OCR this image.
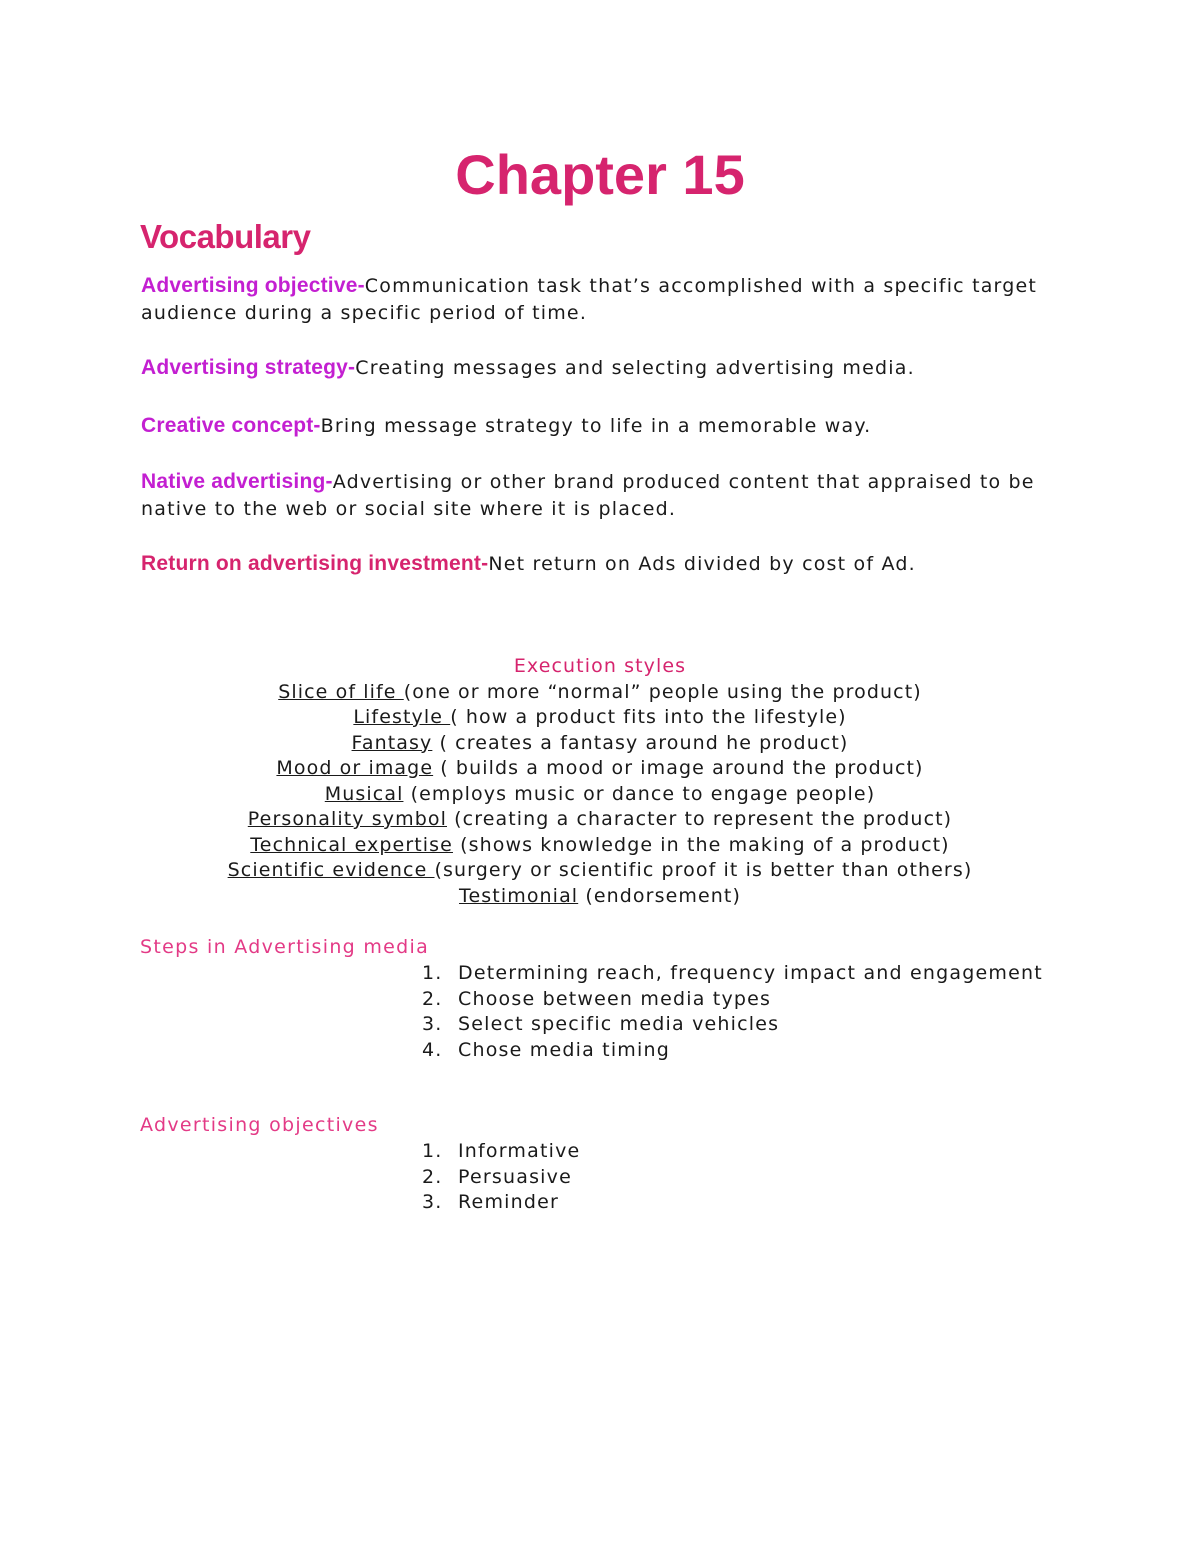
Chapter 15
Vocabulary
Advertising objective-Communication task that’s accomplished with a specific target audience during a specific period of time.
Advertising strategy-Creating messages and selecting advertising media.
Creative concept-Bring message strategy to life in a memorable way.
Native advertising-Advertising or other brand produced content that appraised to be native to the web or social site where it is placed.
Return on advertising investment-Net return on Ads divided by cost of Ad.
Execution styles
Slice of life (one or more “normal” people using the product)
Lifestyle ( how a product fits into the lifestyle)
Fantasy ( creates a fantasy around he product)
Mood or image ( builds a mood or image around the product)
Musical (employs music or dance to engage people)
Personality symbol (creating a character to represent the product)
Technical expertise (shows knowledge in the making of a product)
Scientific evidence (surgery or scientific proof it is better than others)
Testimonial (endorsement)
Steps in Advertising media
1. Determining reach, frequency impact and engagement
2. Choose between media types
3. Select specific media vehicles
4. Chose media timing
Advertising objectives
1. Informative
2. Persuasive
3. Reminder
